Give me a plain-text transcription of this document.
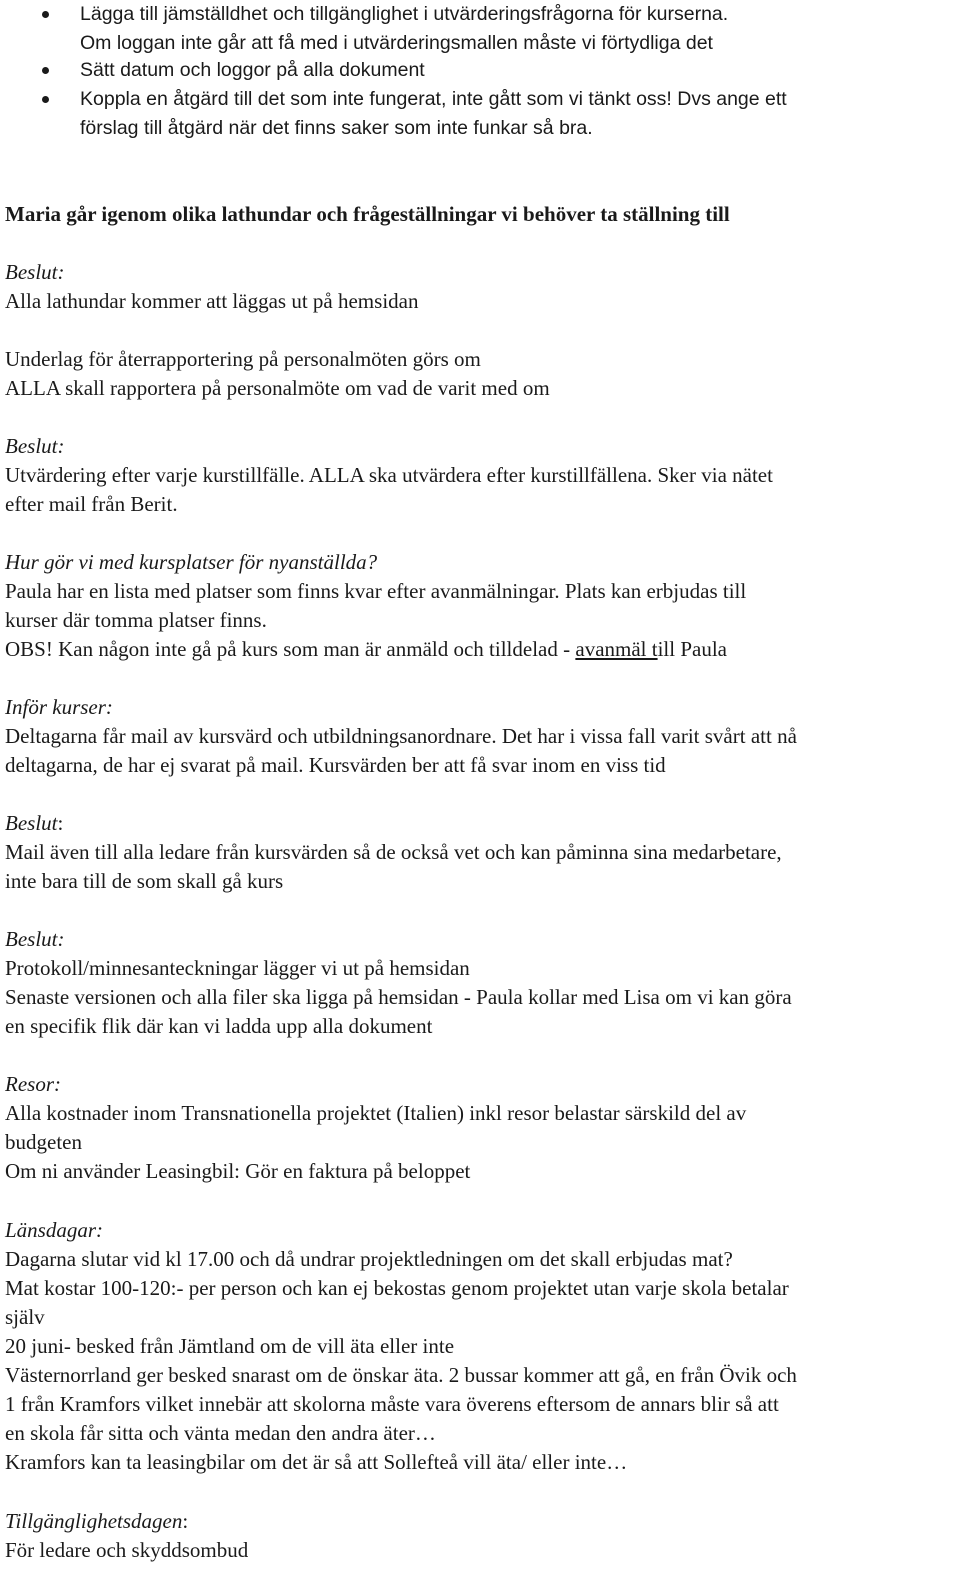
Lägga till jämställdhet och tillgänglighet i utvärderingsfrågorna för kurserna.
Om loggan inte går att få med i utvärderingsmallen måste vi förtydliga det
Sätt datum och loggor på alla dokument
Koppla en åtgärd till det som inte fungerat, inte gått som vi tänkt oss! Dvs ange ett
förslag till åtgärd när det finns saker som inte funkar så bra.
Maria går igenom olika lathundar och frågeställningar vi behöver ta ställning till
Beslut:
Alla lathundar kommer att läggas ut på hemsidan
Underlag för återrapportering på personalmöten görs om
ALLA skall rapportera på personalmöte om vad de varit med om
Beslut:
Utvärdering efter varje kurstillfälle. ALLA ska utvärdera efter kurstillfällena. Sker via nätet
efter mail från Berit.
Hur gör vi med kursplatser för nyanställda?
Paula har en lista med platser som finns kvar efter avanmälningar. Plats kan erbjudas till
kurser där tomma platser finns.
OBS! Kan någon inte gå på kurs som man är anmäld och tilldelad - avanmäl till Paula
Inför kurser:
Deltagarna får mail av kursvärd och utbildningsanordnare. Det har i vissa fall varit svårt att nå
deltagarna, de har ej svarat på mail. Kursvärden ber att få svar inom en viss tid
Beslut:
Mail även till alla ledare från kursvärden så de också vet och kan påminna sina medarbetare,
inte bara till de som skall gå kurs
Beslut:
Protokoll/minnesanteckningar lägger vi ut på hemsidan
Senaste versionen och alla filer ska ligga på hemsidan - Paula kollar med Lisa om vi kan göra
en specifik flik där kan vi ladda upp alla dokument
Resor:
Alla kostnader inom Transnationella projektet (Italien) inkl resor belastar särskild del av
budgeten
Om ni använder Leasingbil: Gör en faktura på beloppet
Länsdagar:
Dagarna slutar vid kl 17.00 och då undrar projektledningen om det skall erbjudas mat?
Mat kostar 100-120:- per person och kan ej bekostas genom projektet utan varje skola betalar
själv
20 juni- besked från Jämtland om de vill äta eller inte
Västernorrland ger besked snarast om de önskar äta. 2 bussar kommer att gå, en från Övik och
1 från Kramfors vilket innebär att skolorna måste vara överens eftersom de annars blir så att
en skola får sitta och vänta medan den andra äter…
Kramfors kan ta leasingbilar om det är så att Sollefteå vill äta/ eller inte…
Tillgänglighetsdagen:
För ledare och skyddsombud
